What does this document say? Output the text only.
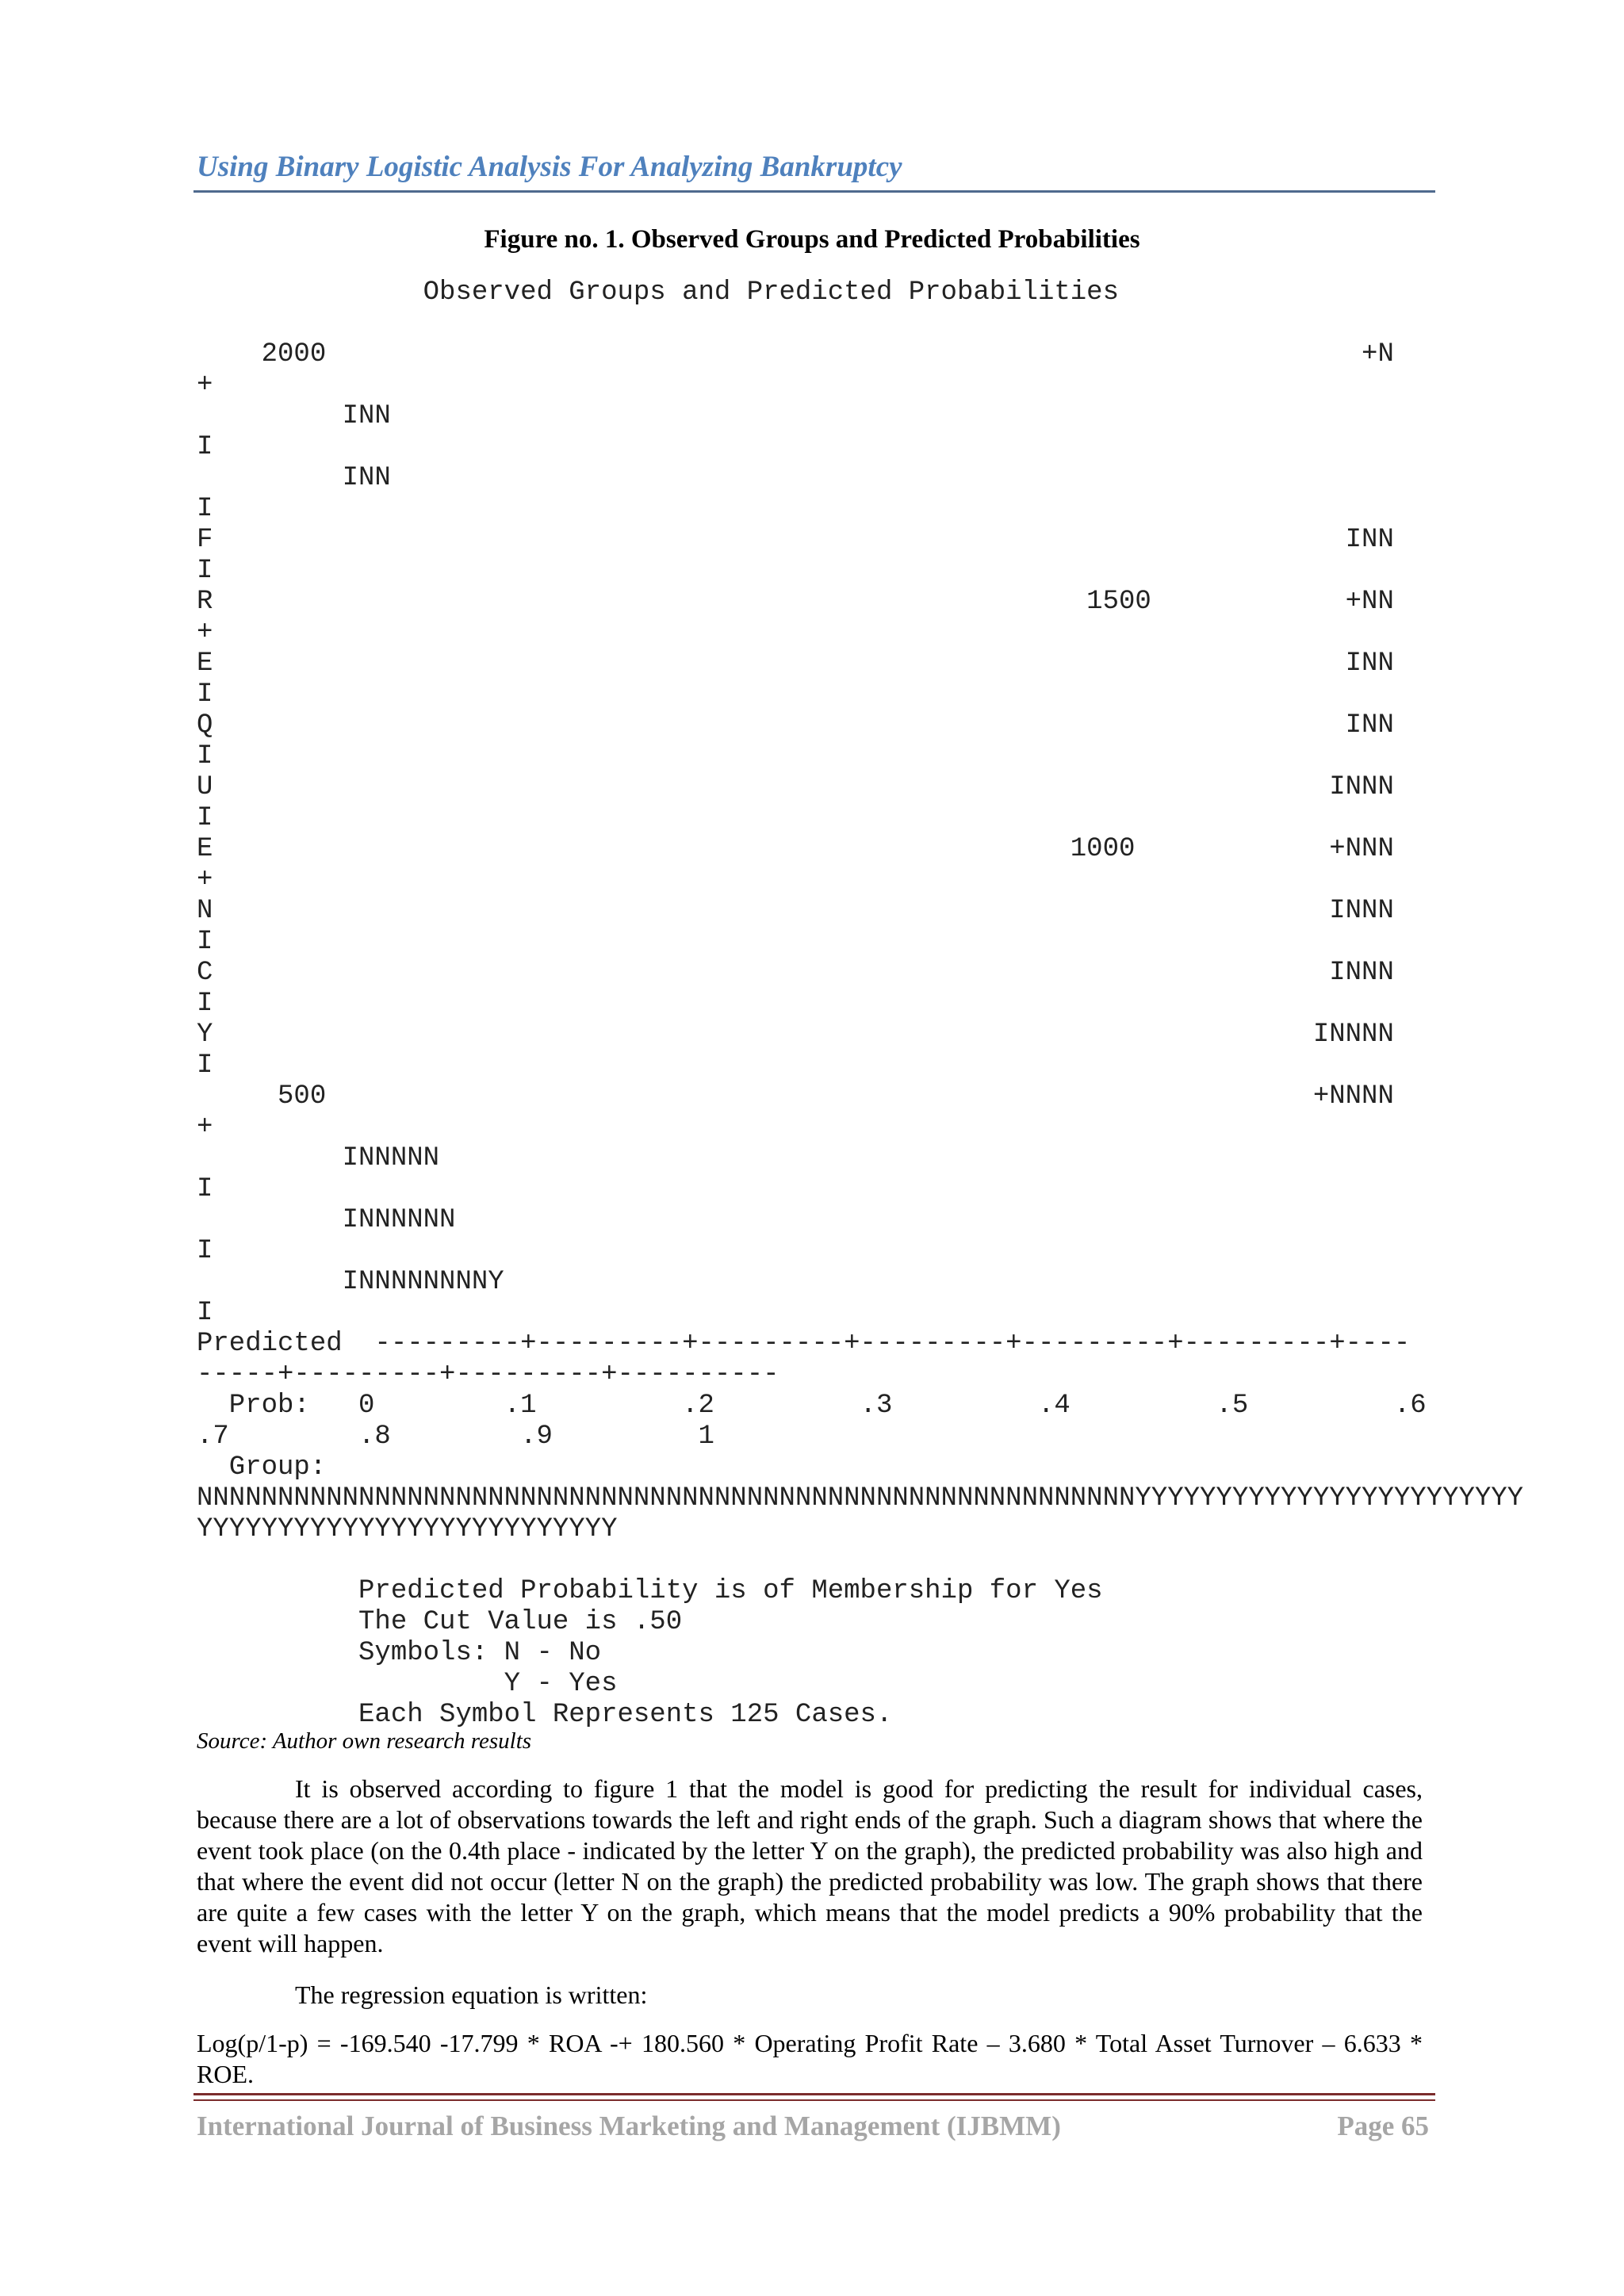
Using Binary Logistic Analysis For Analyzing Bankruptcy
Figure no. 1. Observed Groups and Predicted Probabilities
Observed Groups and Predicted Probabilities

2000                                                                +N
+
INN
I
INN
I
F                                                                      INN
I
R                                                      1500            +NN
+
E                                                                      INN
I
Q                                                                      INN
I
U                                                                     INNN
I
E                                                     1000            +NNN
+
N                                                                     INNN
I
C                                                                     INNN
I
Y                                                                    INNNN
I
500                                                             +NNNN
+
INNNNN
I
INNNNNN
I
INNNNNNNNY
I
Predicted  ---------+---------+---------+---------+---------+---------+----
-----+---------+---------+----------
Prob:   0        .1         .2         .3         .4         .5         .6
.7        .8        .9         1
Group:
NNNNNNNNNNNNNNNNNNNNNNNNNNNNNNNNNNNNNNNNNNNNNNNNNNNNNNNNNNYYYYYYYYYYYYYYYYYYYYYYYY
YYYYYYYYYYYYYYYYYYYYYYYYYY

Predicted Probability is of Membership for Yes
The Cut Value is .50
Symbols: N - No
Y - Yes
Each Symbol Represents 125 Cases.
Source: Author own research results

It is observed according to figure 1 that the model is good for predicting the result for individual cases, because there are a lot of observations towards the left and right ends of the graph. Such a diagram shows that where the event took place (on the 0.4th place - indicated by the letter Y on the graph), the predicted probability was also high and that where the event did not occur (letter N on the graph) the predicted probability was low. The graph shows that there are quite a few cases with the letter Y on the graph, which means that the model predicts a 90% probability that the event will happen.

The regression equation is written:

Log(p/1-p) = -169.540 -17.799 * ROA -+ 180.560 * Operating Profit Rate – 3.680 * Total Asset Turnover – 6.633 * ROE.

International Journal of Business Marketing and Management (IJBMM)	Page 65
